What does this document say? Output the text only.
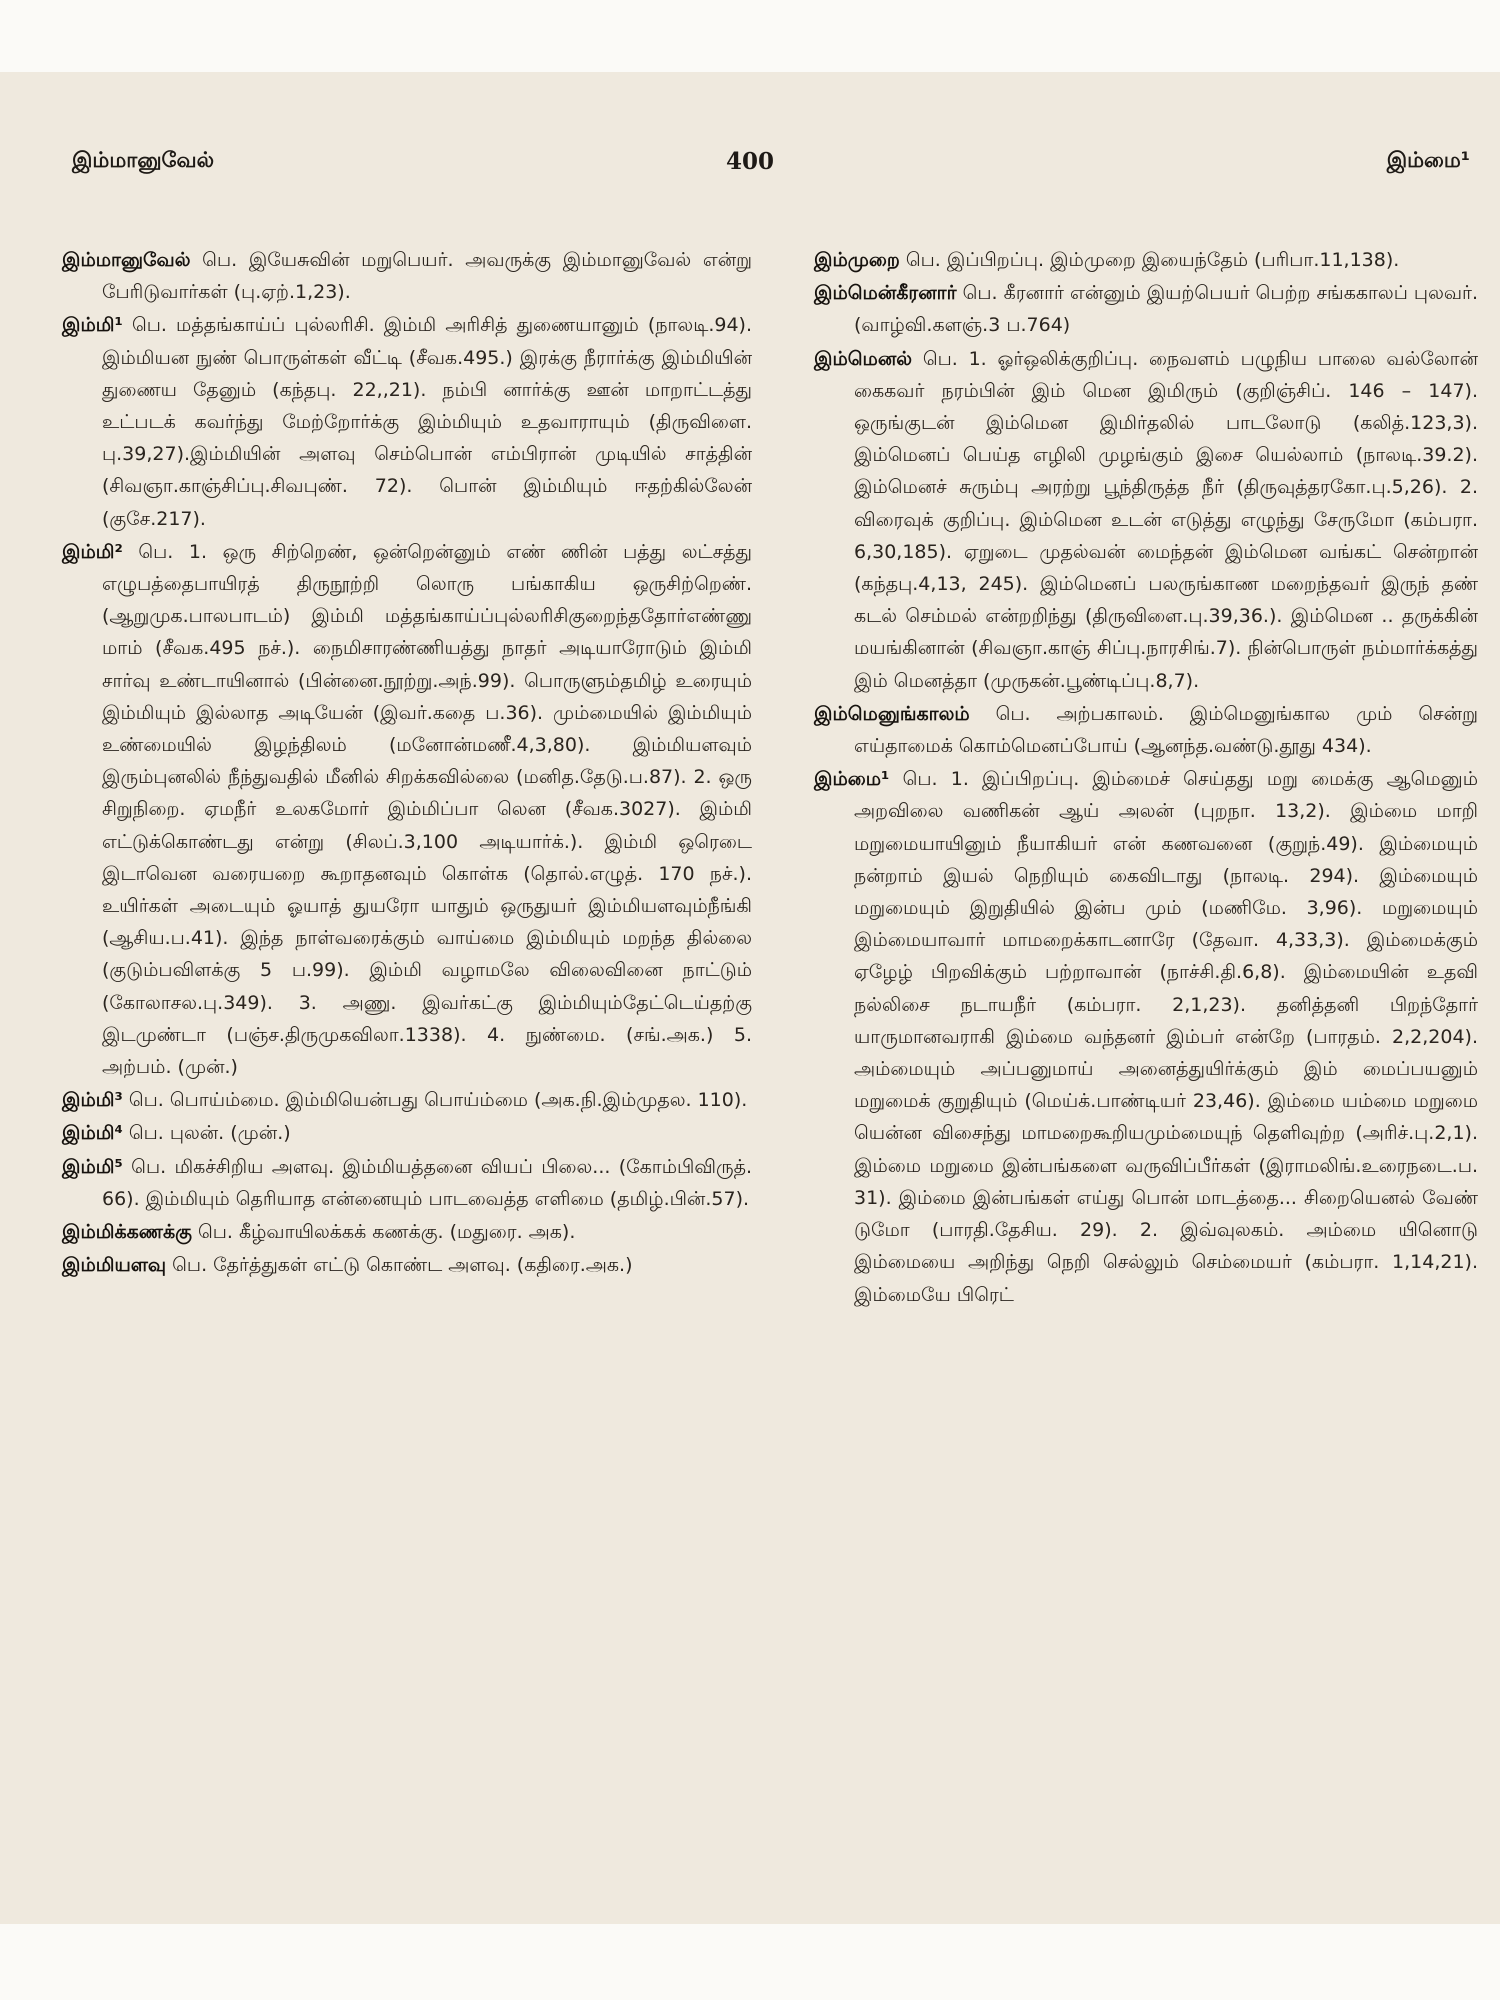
இம்மானுவேல்	400	இம்மை¹

இம்மானுவேல் பெ. இயேசுவின் மறுபெயர். அவருக்கு இம்மானுவேல் என்று பேரிடுவார்கள் (பு.ஏற்.1,23).

இம்மி¹ பெ. மத்தங்காய்ப் புல்லரிசி. இம்மி அரிசித் துணையானும் (நாலடி.94). இம்மியன நுண் பொருள்கள் வீட்டி (சீவக.495.) இரக்கு நீரார்க்கு இம்மியின் துணைய தேனும் (கந்தபு. 22,,21). நம்பி னார்க்கு ஊன் மாறாட்டத்து உட்படக் கவர்ந்து மேற்றோர்க்கு இம்மியும் உதவாராயும் (திருவிளை. பு.39,27).இம்மியின் அளவு செம்பொன் எம்பிரான் முடியில் சாத்தின் (சிவஞா.காஞ்சிப்பு.சிவபுண். 72). பொன் இம்மியும் ஈதற்கில்லேன் (குசே.217).

இம்மி² பெ. 1. ஒரு சிற்றெண், ஒன்றென்னும் எண் ணின் பத்து லட்சத்து எழுபத்தைபாயிரத் திருநூற்றி லொரு பங்காகிய ஒருசிற்றெண். (ஆறுமுக.பாலபாடம்) இம்மி மத்தங்காய்ப்புல்லரிசிகுறைந்ததோர்எண்ணு மாம் (சீவக.495 நச்.). நைமிசாரண்ணியத்து நாதர் அடியாரோடும் இம்மி சார்வு உண்டாயினால் (பின்னை.நூற்று.அந்.99). பொருளும்தமிழ் உரையும் இம்மியும் இல்லாத அடியேன் (இவர்.கதை ப.36). மும்மையில் இம்மியும் உண்மையில் இழந்திலம் (மனோன்மணீ.4,3,80). இம்மியளவும் இரும்புனலில் நீந்துவதில் மீனில் சிறக்கவில்லை (மனித.தேடு.ப.87). 2. ஒரு சிறுநிறை. ஏமநீர் உலகமோர் இம்மிப்பா லென (சீவக.3027). இம்மி எட்டுக்கொண்டது என்று (சிலப்.3,100 அடியார்க்.). இம்மி ஒரெடை இடாவென வரையறை கூறாதனவும் கொள்க (தொல்.எழுத். 170 நச்.). உயிர்கள் அடையும் ஓயாத் துயரோ யாதும் ஒருதுயர் இம்மியளவும்நீங்கி (ஆசிய.ப.41). இந்த நாள்வரைக்கும் வாய்மை இம்மியும் மறந்த தில்லை (குடும்பவிளக்கு 5 ப.99). இம்மி வழாமலே விலைவினை நாட்டும் (கோலாசல.பு.349). 3. அணு. இவர்கட்கு இம்மியும்தேட்டெய்தற்கு இடமுண்டா (பஞ்ச.திருமுகவிலா.1338). 4. நுண்மை. (சங்.அக.) 5. அற்பம். (முன்.)

இம்மி³ பெ. பொய்ம்மை. இம்மியென்பது பொய்ம்மை (அக.நி.இம்முதல. 110).

இம்மி⁴ பெ. புலன். (முன்.)

இம்மி⁵ பெ. மிகச்சிறிய அளவு. இம்மியத்தனை வியப் பிலை... (கோம்பிவிருத். 66). இம்மியும் தெரியாத என்னையும் பாடவைத்த எளிமை (தமிழ்.பின்.57).

இம்மிக்கணக்கு பெ. கீழ்வாயிலக்கக் கணக்கு. (மதுரை. அக).

இம்மியளவு பெ. தேர்த்துகள் எட்டு கொண்ட அளவு. (கதிரை.அக.)

இம்முறை பெ. இப்பிறப்பு. இம்முறை இயைந்தேம் (பரிபா.11,138).

இம்மென்கீரனார் பெ. கீரனார் என்னும் இயற்பெயர் பெற்ற சங்ககாலப் புலவர். (வாழ்வி.களஞ்.3 ப.764)

இம்மெனல் பெ. 1. ஓர்ஒலிக்குறிப்பு. நைவளம் பழுநிய பாலை வல்லோன் கைகவர் நரம்பின் இம் மென இமிரும் (குறிஞ்சிப். 146 – 147). ஒருங்குடன் இம்மென இமிர்தலில் பாடலோடு (கலித்.123,3). இம்மெனப் பெய்த எழிலி முழங்கும் இசை யெல்லாம் (நாலடி.39.2). இம்மெனச் சுரும்பு அரற்று பூந்திருத்த நீர் (திருவுத்தரகோ.பு.5,26). 2. விரைவுக் குறிப்பு. இம்மென உடன் எடுத்து எழுந்து சேருமோ (கம்பரா. 6,30,185). ஏறுடை முதல்வன் மைந்தன் இம்மென வங்கட் சென்றான் (கந்தபு.4,13, 245). இம்மெனப் பலருங்காண மறைந்தவர் இருந் தண் கடல் செம்மல் என்றறிந்து (திருவிளை.பு.39,36.). இம்மென .. தருக்கின் மயங்கினான் (சிவஞா.காஞ் சிப்பு.நாரசிங்.7). நின்பொருள் நம்மார்க்கத்து இம் மெனத்தா (முருகன்.பூண்டிப்பு.8,7).

இம்மெனுங்காலம் பெ. அற்பகாலம். இம்மெனுங்கால மும் சென்று எய்தாமைக் கொம்மெனப்போய் (ஆனந்த.வண்டு.தூது 434).

இம்மை¹ பெ. 1. இப்பிறப்பு. இம்மைச் செய்தது மறு மைக்கு ஆமெனும் அறவிலை வணிகன் ஆய் அலன் (புறநா. 13,2). இம்மை மாறி மறுமையாயினும் நீயாகியர் என் கணவனை (குறுந்.49). இம்மையும் நன்றாம் இயல் நெறியும் கைவிடாது (நாலடி. 294). இம்மையும் மறுமையும் இறுதியில் இன்ப மும் (மணிமே. 3,96). மறுமையும் இம்மையாவார் மாமறைக்காடனாரே (தேவா. 4,33,3). இம்மைக்கும் ஏழேழ் பிறவிக்கும் பற்றாவான் (நாச்சி.தி.6,8). இம்மையின் உதவி நல்லிசை நடாயநீர் (கம்பரா. 2,1,23). தனித்தனி பிறந்தோர் யாருமானவராகி இம்மை வந்தனர் இம்பர் என்றே (பாரதம். 2,2,204). அம்மையும் அப்பனுமாய் அனைத்துயிர்க்கும் இம் மைப்பயனும் மறுமைக் குறுதியும் (மெய்க்.பாண்டியர் 23,46). இம்மை யம்மை மறுமை யென்ன விசைந்து மாமறைகூறியமும்மையுந் தெளிவுற்ற (அரிச்.பு.2,1). இம்மை மறுமை இன்பங்களை வருவிப்பீர்கள் (இராமலிங்.உரைநடை.ப. 31). இம்மை இன்பங்கள் எய்து பொன் மாடத்தை... சிறையெனல் வேண் டுமோ (பாரதி.தேசிய. 29). 2. இவ்வுலகம். அம்மை யினொடு இம்மையை அறிந்து நெறி செல்லும் செம்மையர் (கம்பரா. 1,14,21). இம்மையே பிரெட்
